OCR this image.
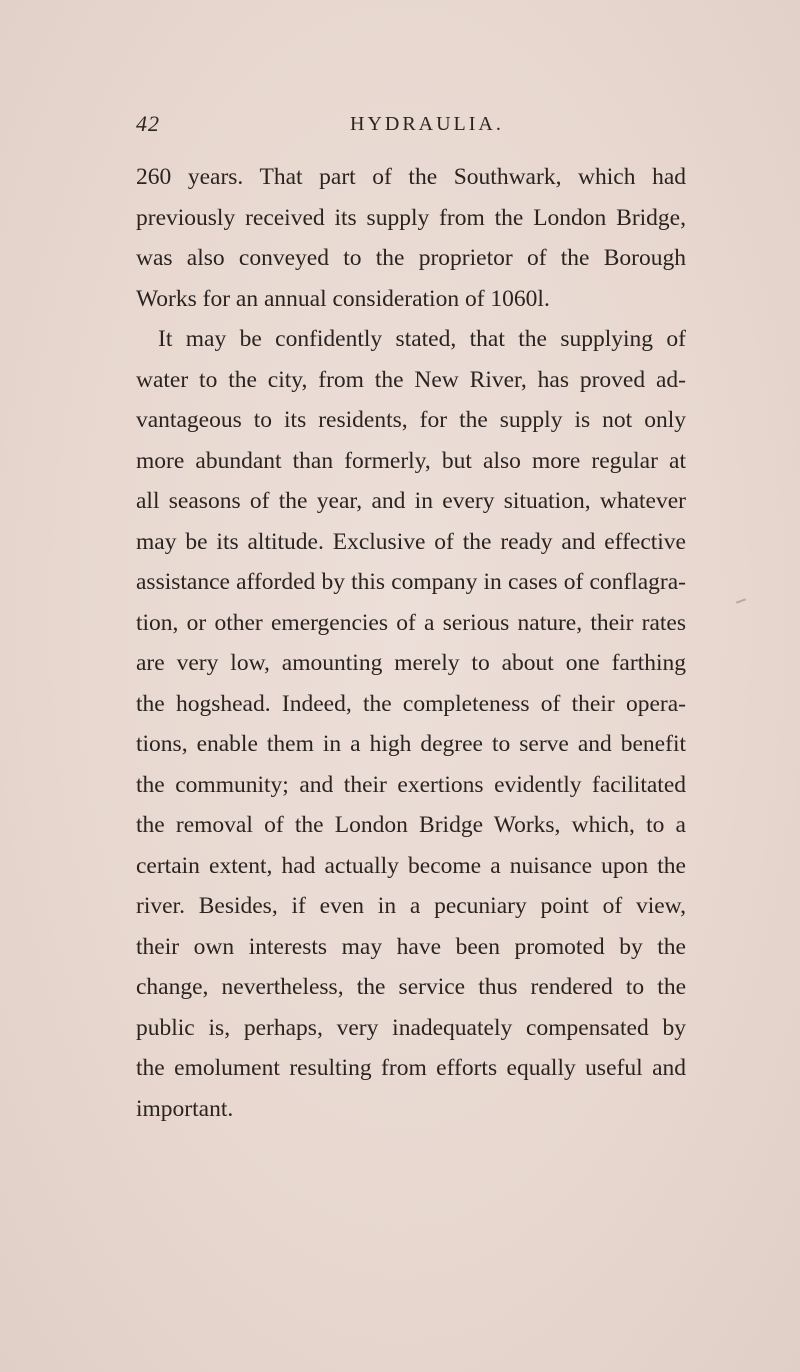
42	HYDRAULIA.
260 years. That part of the Southwark, which had
previously received its supply from the London Bridge,
was also conveyed to the proprietor of the Borough
Works for an annual consideration of 1060l.
It may be confidently stated, that the supplying of
water to the city, from the New River, has proved ad-
vantageous to its residents, for the supply is not only
more abundant than formerly, but also more regular at
all seasons of the year, and in every situation, whatever
may be its altitude. Exclusive of the ready and effective
assistance afforded by this company in cases of conflagra-
tion, or other emergencies of a serious nature, their rates
are very low, amounting merely to about one farthing
the hogshead. Indeed, the completeness of their opera-
tions, enable them in a high degree to serve and benefit
the community; and their exertions evidently facilitated
the removal of the London Bridge Works, which, to a
certain extent, had actually become a nuisance upon the
river. Besides, if even in a pecuniary point of view,
their own interests may have been promoted by the
change, nevertheless, the service thus rendered to the
public is, perhaps, very inadequately compensated by
the emolument resulting from efforts equally useful and
important.
